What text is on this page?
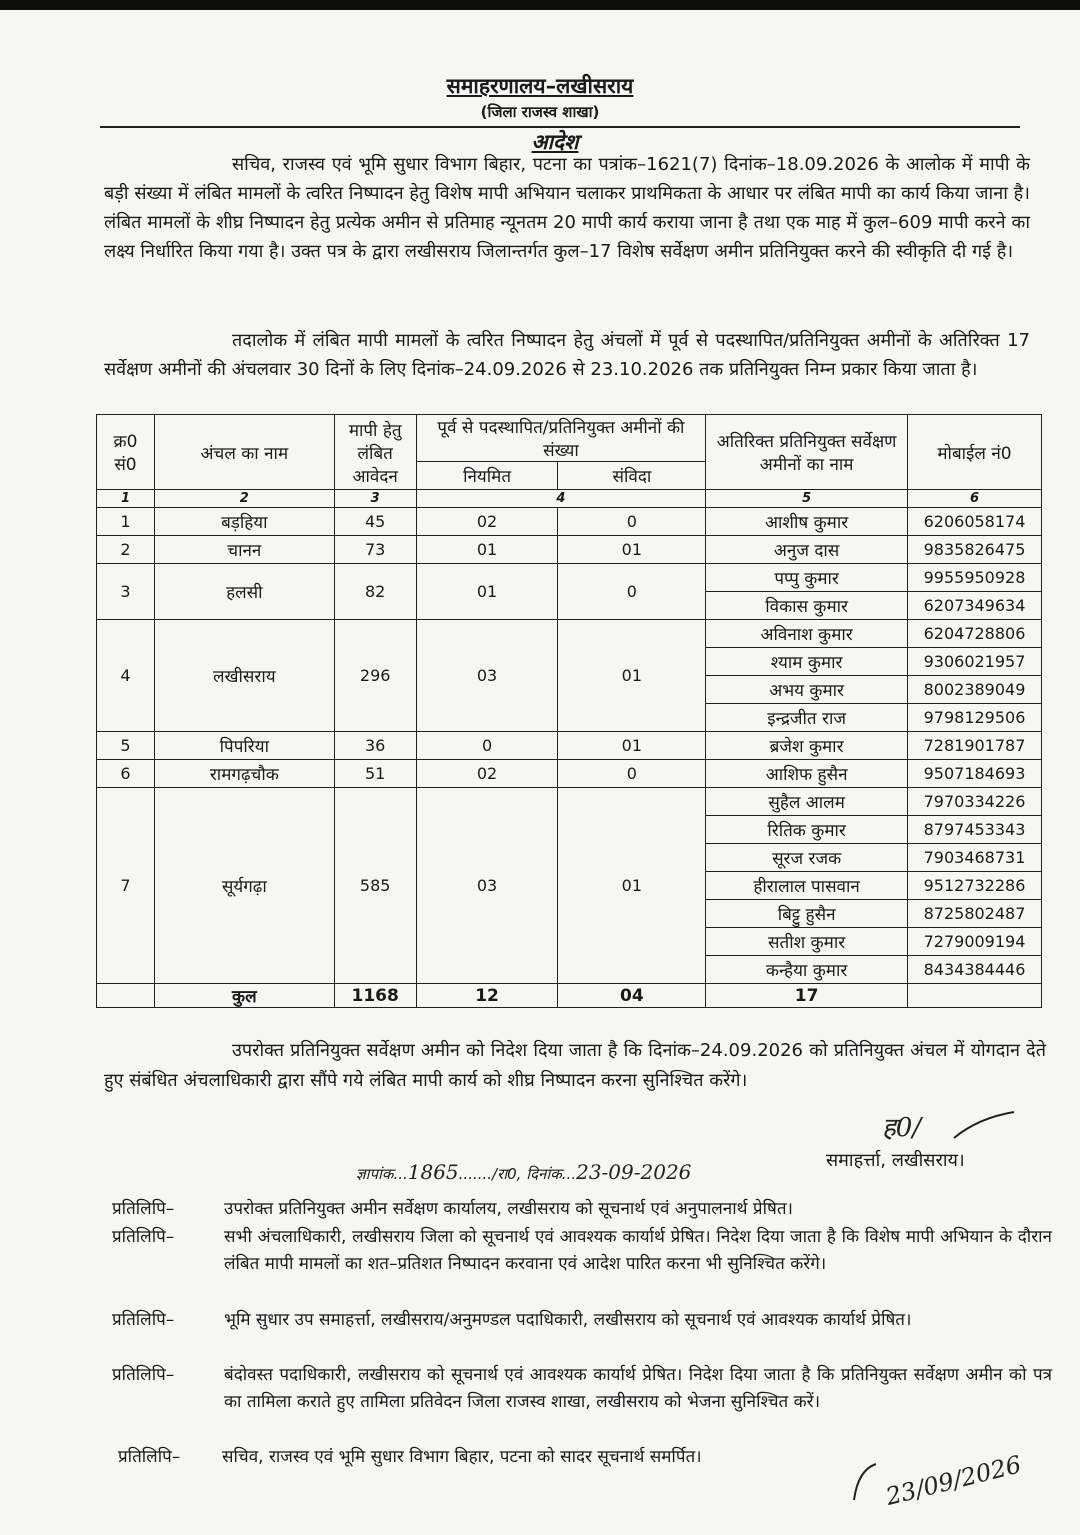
समाहरणालय–लखीसराय
(जिला राजस्व शाखा)
आदेश

सचिव, राजस्व एवं भूमि सुधार विभाग बिहार, पटना का पत्रांक–1621(7) दिनांक–18.09.2026 के आलोक में मापी के बड़ी संख्या में लंबित मामलों के त्वरित निष्पादन हेतु विशेष मापी अभियान चलाकर प्राथमिकता के आधार पर लंबित मापी का कार्य किया जाना है। लंबित मामलों के शीघ्र निष्पादन हेतु प्रत्येक अमीन से प्रतिमाह न्यूनतम 20 मापी कार्य कराया जाना है तथा एक माह में कुल–609 मापी करने का लक्ष्य निर्धारित किया गया है। उक्त पत्र के द्वारा लखीसराय जिलान्तर्गत कुल–17 विशेष सर्वेक्षण अमीन प्रतिनियुक्त करने की स्वीकृति दी गई है।

तदालोक में लंबित मापी मामलों के त्वरित निष्पादन हेतु अंचलों में पूर्व से पदस्थापित/प्रतिनियुक्त अमीनों के अतिरिक्त 17 सर्वेक्षण अमीनों की अंचलवार 30 दिनों के लिए दिनांक–24.09.2026 से 23.10.2026 तक प्रतिनियुक्त निम्न प्रकार किया जाता है।

क्र0 सं0	अंचल का नाम	मापी हेतु लंबित आवेदन	पूर्व से पदस्थापित/प्रतिनियुक्त अमीनों की संख्या		अतिरिक्त प्रतिनियुक्त सर्वेक्षण अमीनों का नाम	मोबाईल नं0
			नियमित	संविदा		
1	2	3	4		5	6
1	बड़हिया	45	02	0	आशीष कुमार	6206058174
2	चानन	73	01	01	अनुज दास	9835826475
3	हलसी	82	01	0	पप्पु कुमार	9955950928
					विकास कुमार	6207349634
4	लखीसराय	296	03	01	अविनाश कुमार	6204728806
					श्याम कुमार	9306021957
					अभय कुमार	8002389049
					इन्द्रजीत राज	9798129506
5	पिपरिया	36	0	01	ब्रजेश कुमार	7281901787
6	रामगढ़चौक	51	02	0	आशिफ हुसैन	9507184693
7	सूर्यगढ़ा	585	03	01	सुहैल आलम	7970334226
					रितिक कुमार	8797453343
					सूरज रजक	7903468731
					हीरालाल पासवान	9512732286
					बिट्टु हुसैन	8725802487
					सतीश कुमार	7279009194
					कन्हैया कुमार	8434384446
	कुल	1168	12	04	17	

उपरोक्त प्रतिनियुक्त सर्वेक्षण अमीन को निदेश दिया जाता है कि दिनांक–24.09.2026 को प्रतिनियुक्त अंचल में योगदान देते हुए संबंधित अंचलाधिकारी द्वारा सौंपे गये लंबित मापी कार्य को शीघ्र निष्पादन करना सुनिश्चित करेंगे।

ह0/
समाहर्त्ता, लखीसराय।
ज्ञापांक...1865......./रा0, दिनांक...23-09-2026
प्रतिलिपि–	उपरोक्त प्रतिनियुक्त अमीन सर्वेक्षण कार्यालय, लखीसराय को सूचनार्थ एवं अनुपालनार्थ प्रेषित।
प्रतिलिपि–	सभी अंचलाधिकारी, लखीसराय जिला को सूचनार्थ एवं आवश्यक कार्यार्थ प्रेषित। निदेश दिया जाता है कि विशेष मापी अभियान के दौरान लंबित मापी मामलों का शत–प्रतिशत निष्पादन करवाना एवं आदेश पारित करना भी सुनिश्चित करेंगे।
प्रतिलिपि–	भूमि सुधार उप समाहर्त्ता, लखीसराय/अनुमण्डल पदाधिकारी, लखीसराय को सूचनार्थ एवं आवश्यक कार्यार्थ प्रेषित।
प्रतिलिपि–	बंदोवस्त पदाधिकारी, लखीसराय को सूचनार्थ एवं आवश्यक कार्यार्थ प्रेषित। निदेश दिया जाता है कि प्रतिनियुक्त सर्वेक्षण अमीन को पत्र का तामिला कराते हुए तामिला प्रतिवेदन जिला राजस्व शाखा, लखीसराय को भेजना सुनिश्चित करें।
प्रतिलिपि– सचिव, राजस्व एवं भूमि सुधार विभाग बिहार, पटना को सादर सूचनार्थ समर्पित।	23/09/2026
